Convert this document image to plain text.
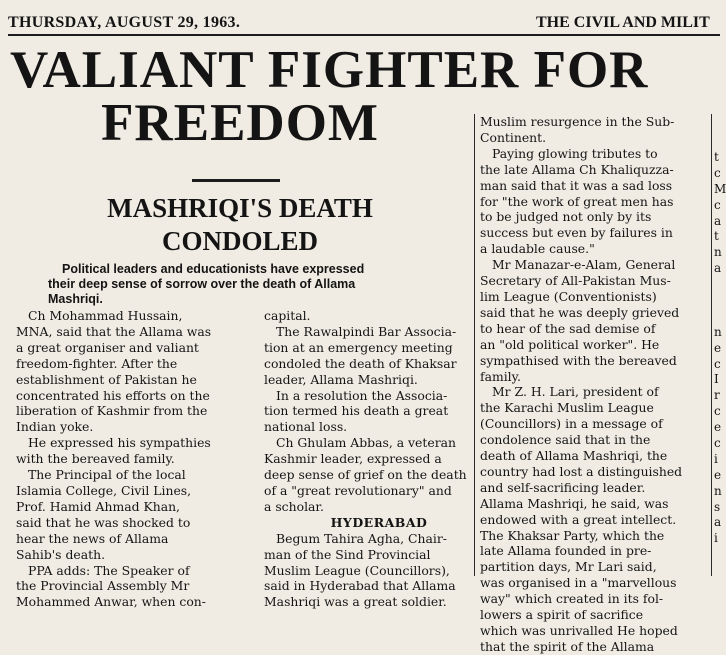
THURSDAY, AUGUST 29, 1963.	THE CIVIL AND MILIT
VALIANT FIGHTER FOR
FREEDOM
MASHRIQI'S DEATH
CONDOLED
Political leaders and educationists have expressed
their deep sense of sorrow over the death of Allama
Mashriqi.
Ch Mohammad Hussain,
MNA, said that the Allama was
a great organiser and valiant
freedom-fighter. After the
establishment of Pakistan he
concentrated his efforts on the
liberation of Kashmir from the
Indian yoke.
He expressed his sympathies
with the bereaved family.
The Principal of the local
Islamia College, Civil Lines,
Prof. Hamid Ahmad Khan,
said that he was shocked to
hear the news of Allama
Sahib's death.
PPA adds: The Speaker of
the Provincial Assembly Mr
Mohammed Anwar, when con-
capital.
The Rawalpindi Bar Associa-
tion at an emergency meeting
condoled the death of Khaksar
leader, Allama Mashriqi.
In a resolution the Associa-
tion termed his death a great
national loss.
Ch Ghulam Abbas, a veteran
Kashmir leader, expressed a
deep sense of grief on the death
of a "great revolutionary" and
a scholar.
HYDERABAD
Begum Tahira Agha, Chair-
man of the Sind Provincial
Muslim League (Councillors),
said in Hyderabad that Allama
Mashriqi was a great soldier.
Muslim resurgence in the Sub-
Continent.
Paying glowing tributes to
the late Allama Ch Khaliquzza-
man said that it was a sad loss
for "the work of great men has
to be judged not only by its
success but even by failures in
a laudable cause."
Mr Manazar-e-Alam, General
Secretary of All-Pakistan Mus-
lim League (Conventionists)
said that he was deeply grieved
to hear of the sad demise of
an "old political worker". He
sympathised with the bereaved
family.
Mr Z. H. Lari, president of
the Karachi Muslim League
(Councillors) in a message of
condolence said that in the
death of Allama Mashriqi, the
country had lost a distinguished
and self-sacrificing leader.
Allama Mashriqi, he said, was
endowed with a great intellect.
The Khaksar Party, which the
late Allama founded in pre-
partition days, Mr Lari said,
was organised in a "marvellous
way" which created in its fol-
lowers a spirit of sacrifice
which was unrivalled He hoped
that the spirit of the Allama
t
c
M
c
a
t
n
a
n
e
c
I
r
c
e
c
i
e
n
s
a
i
